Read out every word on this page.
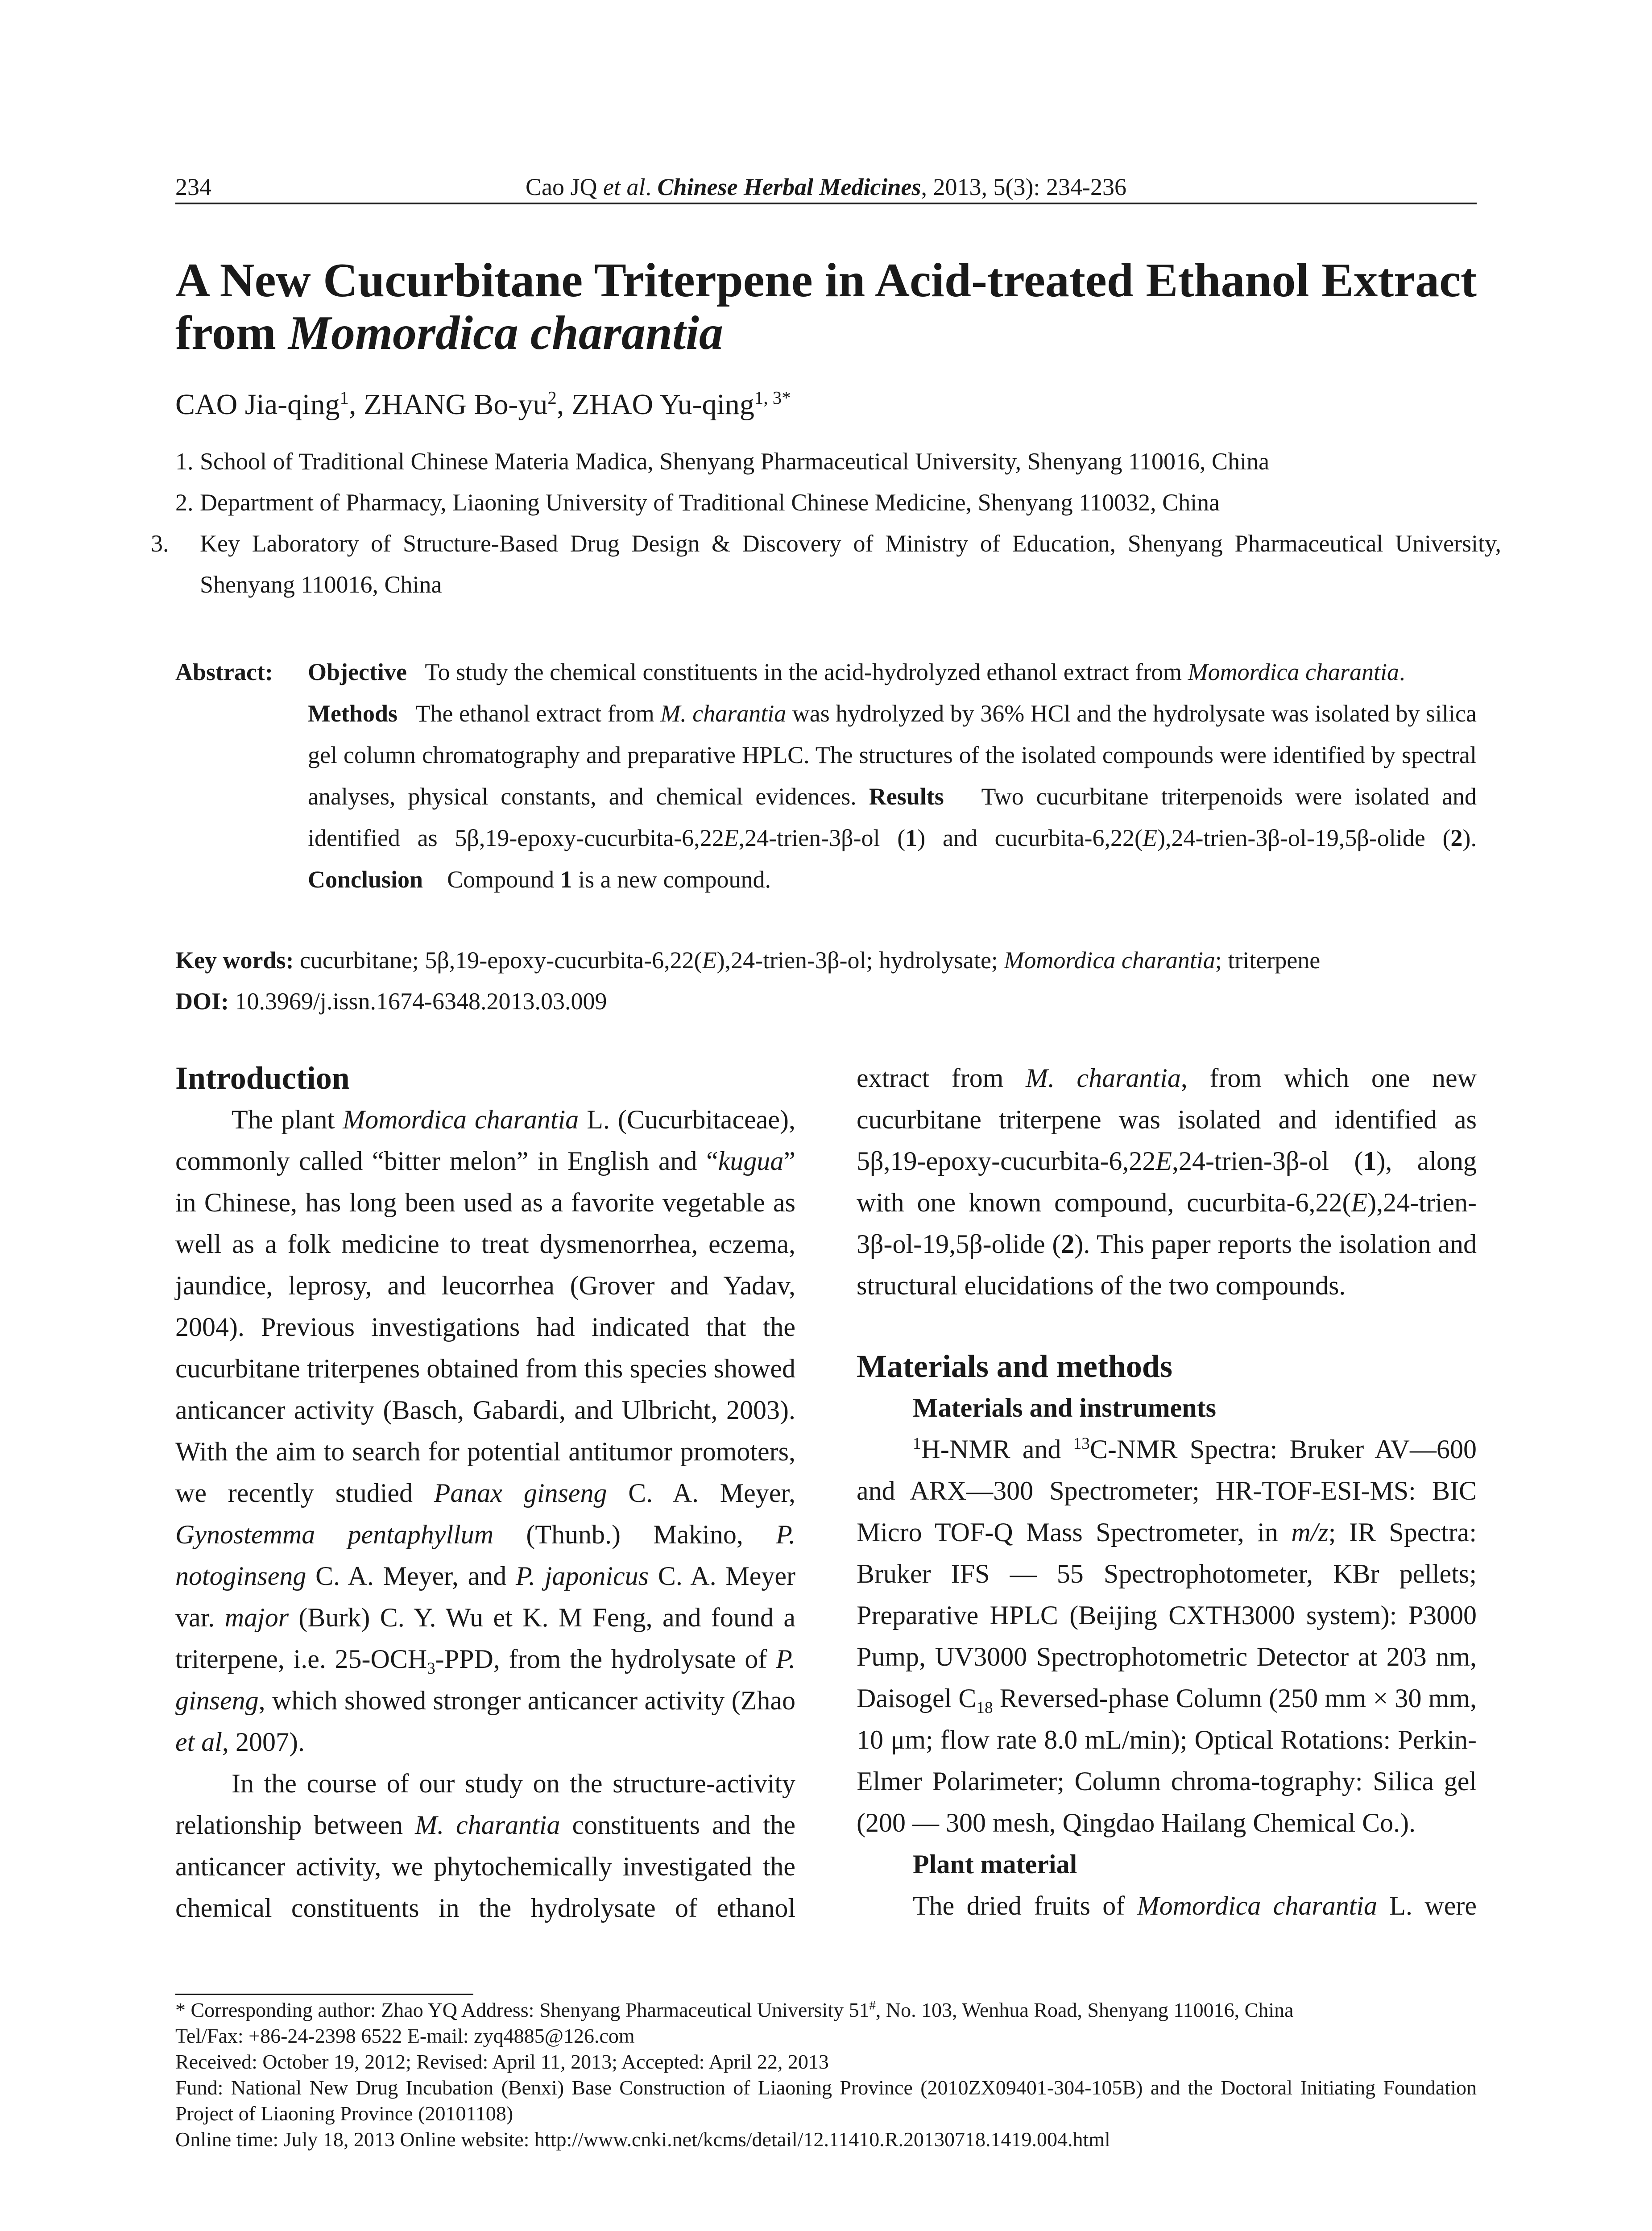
234	Cao JQ et al. Chinese Herbal Medicines, 2013, 5(3): 234-236
A New Cucurbitane Triterpene in Acid-treated Ethanol Extract from Momordica charantia
CAO Jia-qing$^1$, ZHANG $Bo-yu^2$, ZHAO Yu-qing$^{1, 3*}$
1. School of Traditional Chinese Materia Madica, Shenyang Pharmaceutical University, Shenyang 110016, China
2. Department of Pharmacy, Liaoning University of Traditional Chinese Medicine, Shenyang 110032, China
3. Key Laboratory of Structure-Based Drug Design & Discovery of Ministry of Education, Shenyang Pharmaceutical University, Shenyang 110016, China
Abstract: Objective To study the chemical constituents in the acid-hydrolyzed ethanol extract from Momordica charantia.
Methods The ethanol extract from M. charantia was hydrolyzed by 36% HCl and the hydrolysate was isolated by silica gel column chromatography and preparative HPLC. The structures of the isolated compounds were identified by spectral analyses, physical constants, and chemical evidences. Results Two cucurbitane triterpenoids were isolated and identified as 5β,19-epoxy-cucurbita-6,22E,24-trien-3β-ol (1) and cucurbita-6,22(E),24-trien-3β-ol-19,5β-olide (2). Conclusion Compound 1 is a new compound.
Key words: cucurbitane; 5β,19-epoxy-cucurbita-6,22(E),24-trien-3β-ol; hydrolysate; Momordica charantia; triterpene
DOI: 10.3969/j.issn.1674-6348.2013.03.009
Introduction

The plant Momordica charantia L. (Cucurbitaceae), commonly called “bitter melon” in English and “kugua” in Chinese, has long been used as a favorite vegetable as well as a folk medicine to treat dysmenorrhea, eczema, jaundice, leprosy, and leucorrhea (Grover and Yadav, 2004). Previous investigations had indicated that the cucurbitane triterpenes obtained from this species showed anticancer activity (Basch, Gabardi, and Ulbricht, 2003). With the aim to search for potential antitumor promoters, we recently studied Panax ginseng C. A. Meyer, Gynostemma pentaphyllum (Thunb.) Makino, P. notoginseng C. A. Meyer, and P. japonicus C. A. Meyer var. major (Burk) C. Y. Wu et K. M Feng, and found a triterpene, i.e. $25-OCH_3$-PPD, from the hydrolysate of P. ginseng, which showed stronger anticancer activity (Zhao et al, 2007).

In the course of our study on the structure-activity relationship between M. charantia constituents and the anticancer activity, we phytochemically investigated the chemical constituents in the hydrolysate of ethanol

extract from M. charantia, from which one new cucurbitane triterpene was isolated and identified as 5β,19-epoxy-cucurbita-6,22E,24-trien-3β-ol (1), along with one known compound, cucurbita-6,22(E),24-trien-3β-ol-19,5β-olide (2). This paper reports the isolation and structural elucidations of the two compounds.

Materials and methods
Materials and instruments

$^1$H-NMR and $^{13}$C-NMR Spectra: Bruker AV—600 and ARX—300 Spectrometer; HR-TOF-ESI-MS: BIC Micro TOF-Q Mass Spectrometer, in m/z; IR Spectra: Bruker IFS — 55 Spectrophotometer, KBr pellets; Preparative HPLC (Beijing CXTH3000 system): P3000 Pump, UV3000 Spectrophotometric Detector at 203 nm, Daisogel $C_{18}$ Reversed-phase Column (250 mm × 30 mm, 10 μm; flow rate 8.0 mL/min); Optical Rotations: Perkin-Elmer Polarimeter; Column chroma-tography: Silica gel (200 — 300 mesh, Qingdao Hailang Chemical Co.).

Plant material

The dried fruits of Momordica charantia L. were

* Corresponding author: Zhao YQ Address: Shenyang Pharmaceutical University 51#, No. 103, Wenhua Road, Shenyang 110016, China
Tel/Fax: +86-24-2398 6522 E-mail: zyq4885@126.com
Received: October 19, 2012; Revised: April 11, 2013; Accepted: April 22, 2013
Fund: National New Drug Incubation (Benxi) Base Construction of Liaoning Province (2010ZX09401-304-105B) and the Doctoral Initiating Foundation Project of Liaoning Province (20101108)
Online time: July 18, 2013 Online website: http://www.cnki.net/kcms/detail/12.11410.R.20130718.1419.004.html
